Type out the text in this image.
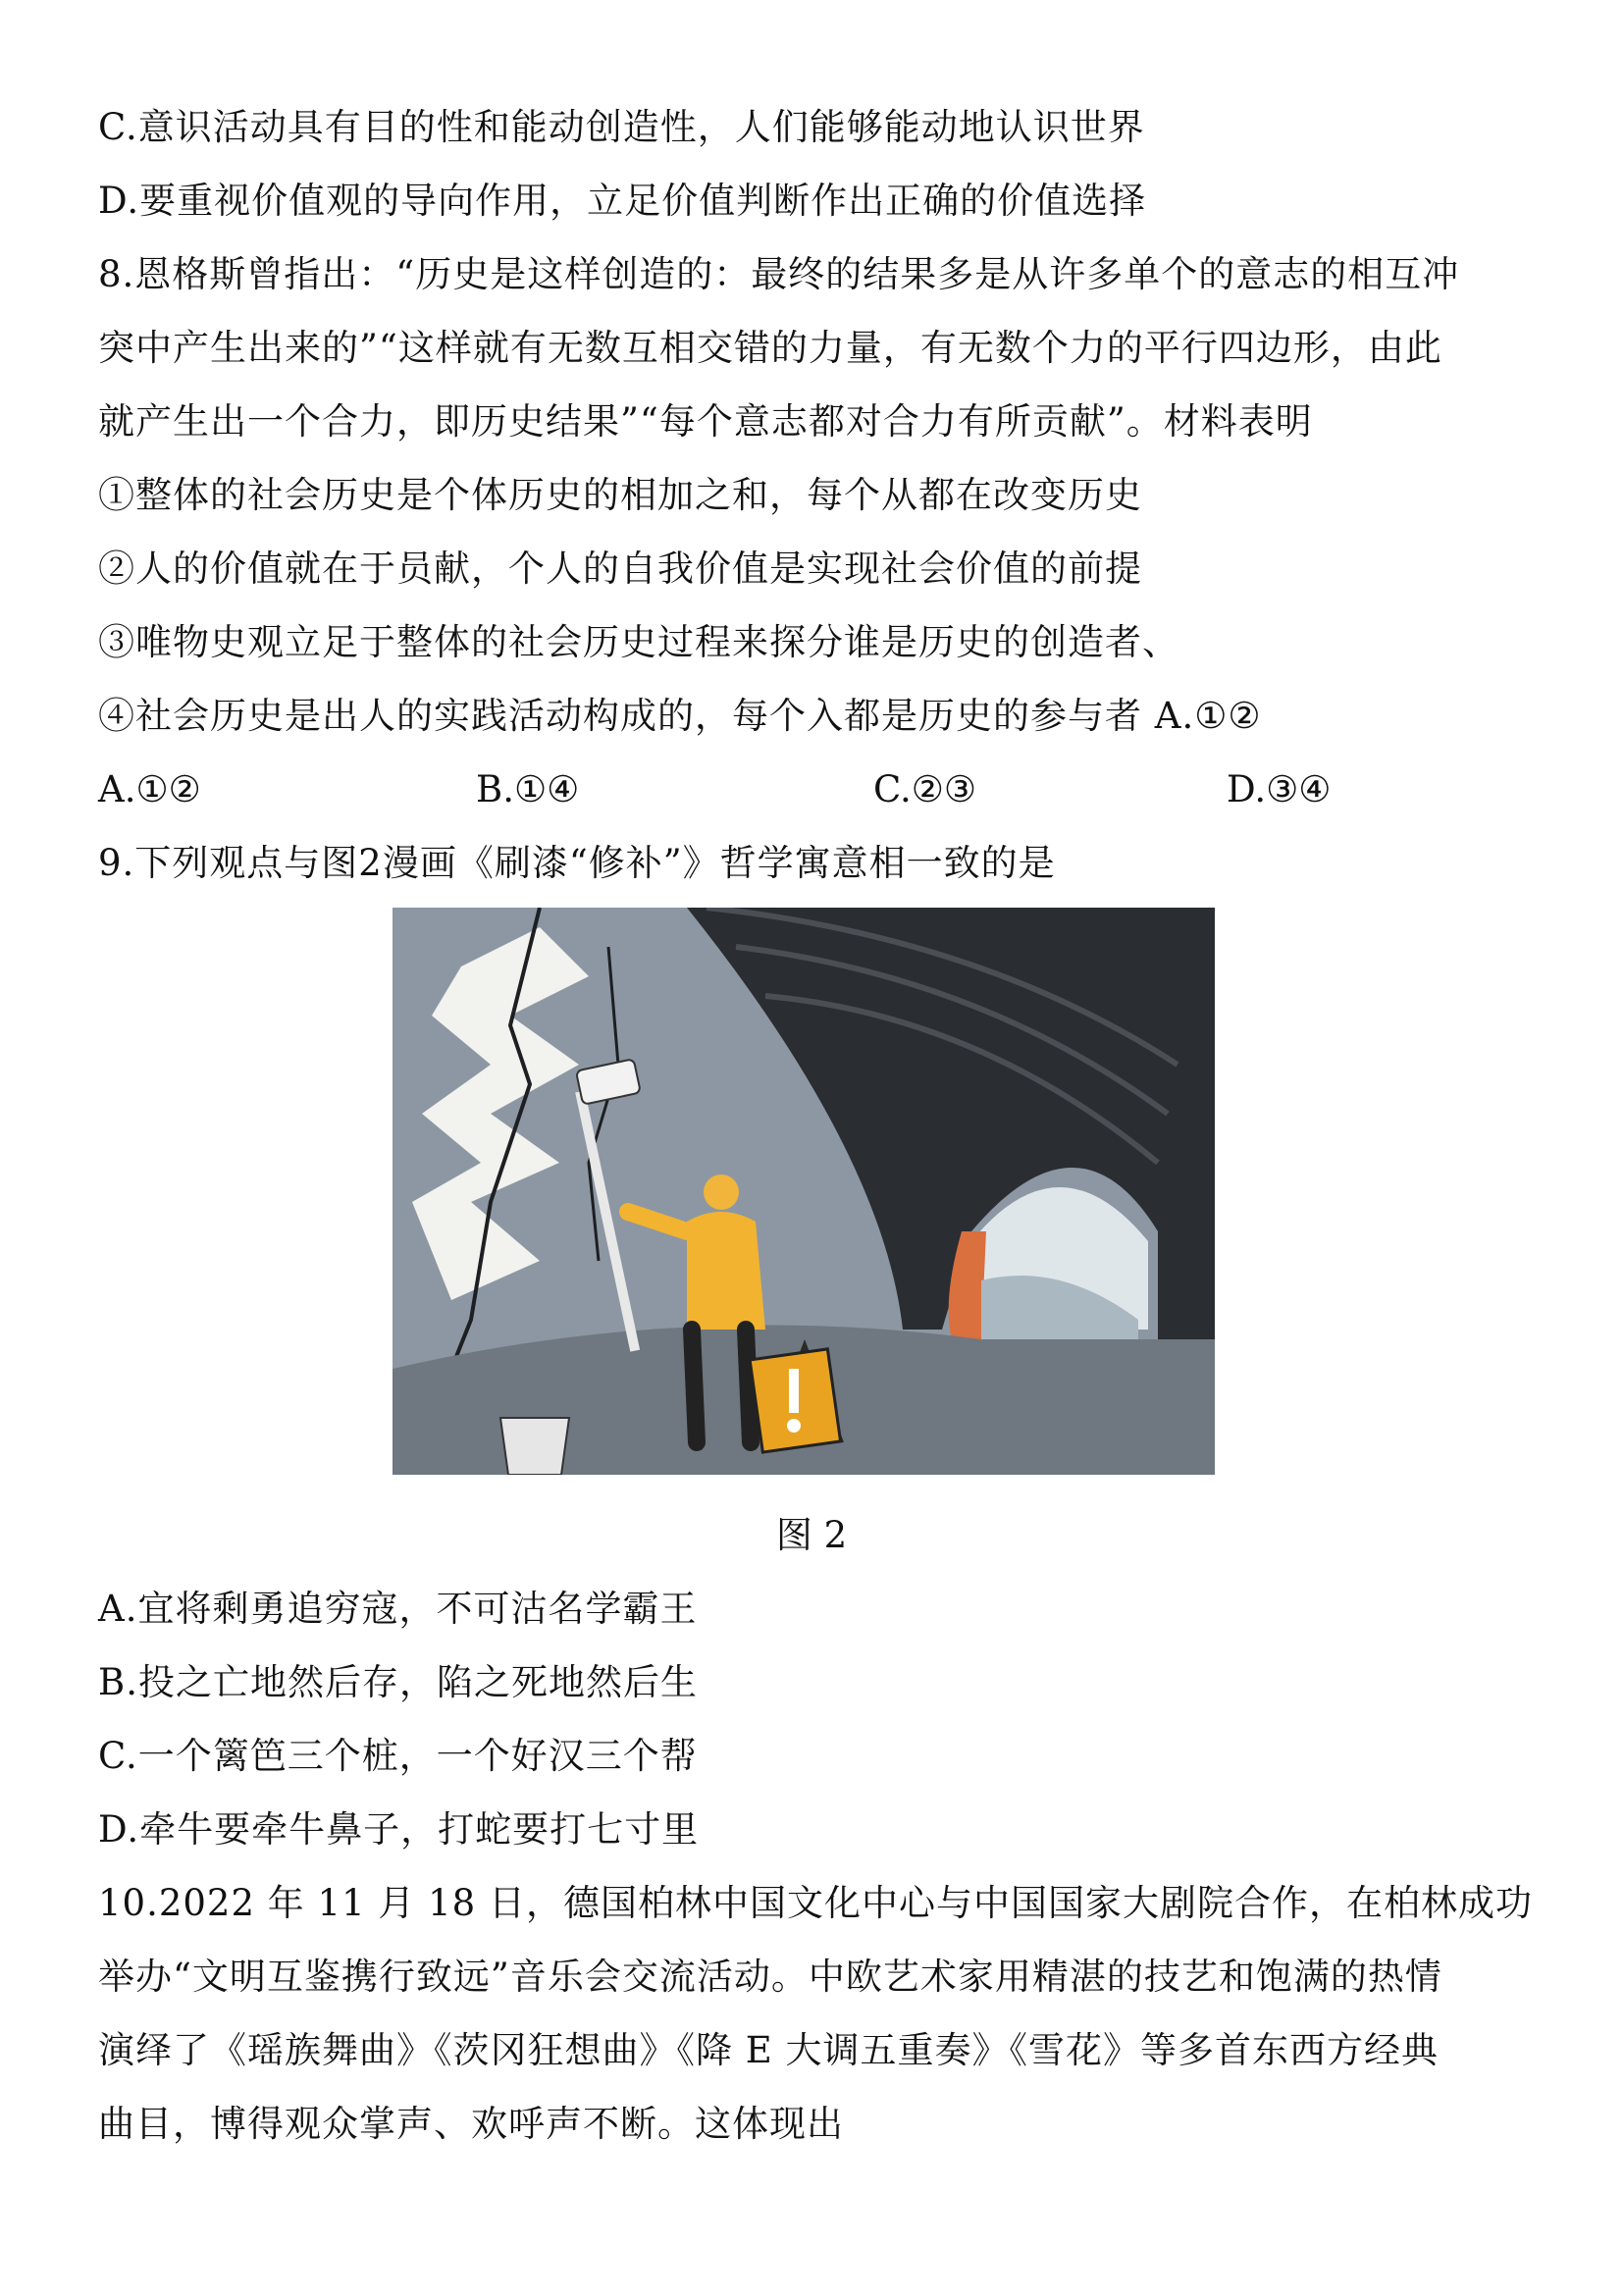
C.意识活动具有目的性和能动创造性，人们能够能动地认识世界
D.要重视价值观的导向作用，立足价值判断作出正确的价值选择
8.恩格斯曾指出：“历史是这样创造的：最终的结果多是从许多单个的意志的相互冲
突中产生出来的”“这样就有无数互相交错的力量，有无数个力的平行四边形，由此
就产生出一个合力，即历史结果”“每个意志都对合力有所贡献”。材料表明
①整体的社会历史是个体历史的相加之和，每个从都在改变历史
②人的价值就在于员献，个人的自我价值是实现社会价值的前提
③唯物史观立足于整体的社会历史过程来探分谁是历史的创造者、
④社会历史是出人的实践活动构成的，每个入都是历史的参与者 A.①②
A.①②	B.①④	C.②③	D.③④
9.下列观点与图2漫画《刷漆“修补”》哲学寓意相一致的是
图 2
A.宜将剩勇追穷寇，不可沽名学霸王
B.投之亡地然后存，陷之死地然后生
C.一个篱笆三个桩，一个好汉三个帮
D.牵牛要牵牛鼻子，打蛇要打七寸里
10.2022 年 11 月 18 日，德国柏林中国文化中心与中国国家大剧院合作，在柏林成功
举办“文明互鉴携行致远”音乐会交流活动。中欧艺术家用精湛的技艺和饱满的热情
演绎了《瑶族舞曲》《茨冈狂想曲》《降 E 大调五重奏》《雪花》等多首东西方经典
曲目，博得观众掌声、欢呼声不断。这体现出
